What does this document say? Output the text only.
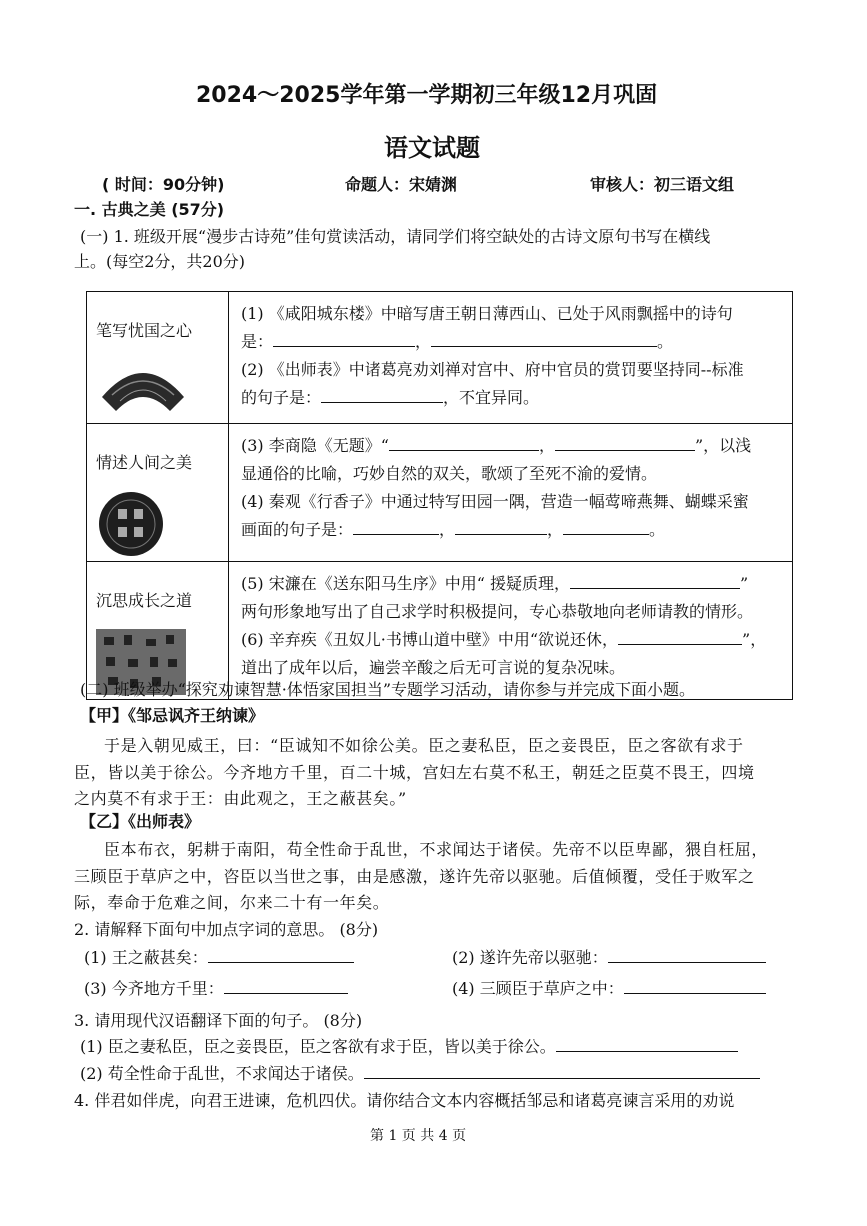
2024～2025学年第一学期初三年级12月巩固
语文试题
( 时间：90分钟)	命题人：宋婧渊	审核人：初三语文组
一. 古典之美 (57分)
(一) 1. 班级开展“漫步古诗苑”佳句赏读活动，请同学们将空缺处的古诗文原句书写在横线
上。(每空2分，共20分)
笔写忧国之心	(1) 《咸阳城东楼》中暗写唐王朝日薄西山、已处于风雨飘摇中的诗句
是： ， 。
(2) 《出师表》中诸葛亮劝刘禅对宫中、府中官员的赏罚要坚持同--标准
的句子是： ，不宜异同。

情述人间之美	(3) 李商隐《无题》“ ， ”，以浅
显通俗的比喻，巧妙自然的双关，歌颂了至死不渝的爱情。
(4) 秦观《行香子》中通过特写田园一隅，营造一幅莺啼燕舞、蝴蝶采蜜
画面的句子是： ， ， 。

沉思成长之道	(5) 宋濂在《送东阳马生序》中用“ 援疑质理， ”
两句形象地写出了自己求学时积极提问，专心恭敬地向老师请教的情形。
(6) 辛弃疾《丑奴儿·书博山道中壁》中用“欲说还休， ”，
道出了成年以后，遍尝辛酸之后无可言说的复杂况味。
(二) 班级举办“探究劝谏智慧·体悟家国担当”专题学习活动，请你参与并完成下面小题。
【甲】《邹忌讽齐王纳谏》
于是入朝见威王，曰：“臣诚知不如徐公美。臣之妻私臣，臣之妾畏臣，臣之客欲有求于
臣，皆以美于徐公。今齐地方千里，百二十城，宫妇左右莫不私王，朝廷之臣莫不畏王，四境
之内莫不有求于王：由此观之，王之蔽甚矣。”
【乙】《出师表》
臣本布衣，躬耕于南阳，苟全性命于乱世，不求闻达于诸侯。先帝不以臣卑鄙，猥自枉屈，
三顾臣于草庐之中，咨臣以当世之事，由是感激，遂许先帝以驱驰。后值倾覆，受任于败军之
际，奉命于危难之间，尔来二十有一年矣。
2. 请解释下面句中加点字词的意思。 (8分)
(1) 王之蔽甚矣：	(2) 遂许先帝以驱驰：
(3) 今齐地方千里：	(4) 三顾臣于草庐之中：
3. 请用现代汉语翻译下面的句子。 (8分)
(1) 臣之妻私臣，臣之妾畏臣，臣之客欲有求于臣，皆以美于徐公。
(2) 苟全性命于乱世，不求闻达于诸侯。
4. 伴君如伴虎，向君王进谏，危机四伏。请你结合文本内容概括邹忌和诸葛亮谏言采用的劝说
第 1 页 共 4 页
